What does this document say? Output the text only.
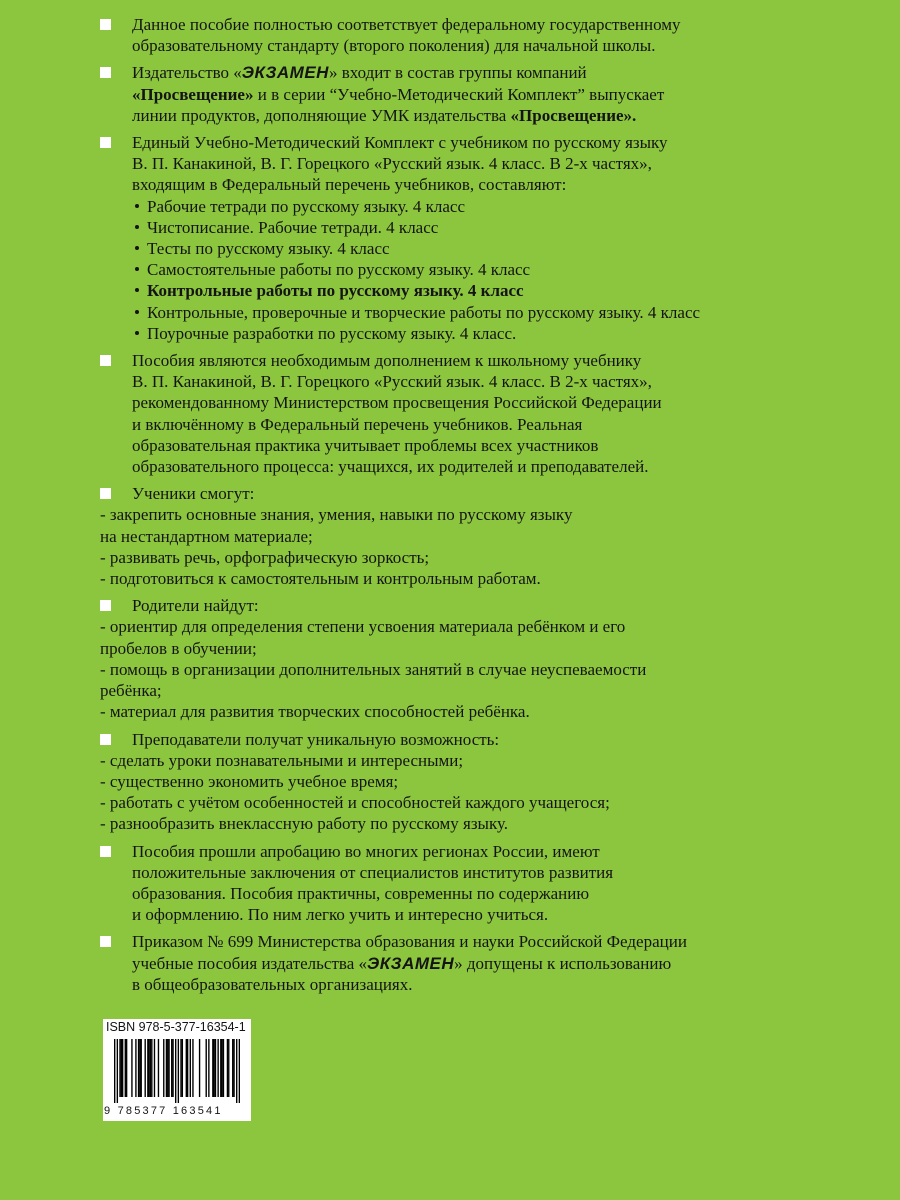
Данное пособие полностью соответствует федеральному государственному
образовательному стандарту (второго поколения) для начальной школы.
Издательство «ЭКЗАМЕН» входит в состав группы компаний
«Просвещение» и в серии “Учебно-Методический Комплект” выпускает
линии продуктов, дополняющие УМК издательства «Просвещение».
Единый Учебно-Методический Комплект с учебником по русскому языку
В. П. Канакиной, В. Г. Горецкого «Русский язык. 4 класс. В 2-х частях»,
входящим в Федеральный перечень учебников, составляют:
Рабочие тетради по русскому языку. 4 класс
Чистописание. Рабочие тетради. 4 класс
Тесты по русскому языку. 4 класс
Самостоятельные работы по русскому языку. 4 класс
Контрольные работы по русскому языку. 4 класс
Контрольные, проверочные и творческие работы по русскому языку. 4 класс
Поурочные разработки по русскому языку. 4 класс.
Пособия являются необходимым дополнением к школьному учебнику
В. П. Канакиной, В. Г. Горецкого «Русский язык. 4 класс. В 2-х частях»,
рекомендованному Министерством просвещения Российской Федерации
и включённому в Федеральный перечень учебников. Реальная
образовательная практика учитывает проблемы всех участников
образовательного процесса: учащихся, их родителей и преподавателей.
Ученики смогут:
- закрепить основные знания, умения, навыки по русскому языку
на нестандартном материале;
- развивать речь, орфографическую зоркость;
- подготовиться к самостоятельным и контрольным работам.
Родители найдут:
- ориентир для определения степени усвоения материала ребёнком и его
пробелов в обучении;
- помощь в организации дополнительных занятий в случае неуспеваемости
ребёнка;
- материал для развития творческих способностей ребёнка.
Преподаватели получат уникальную возможность:
- сделать уроки познавательными и интересными;
- существенно экономить учебное время;
- работать с учётом особенностей и способностей каждого учащегося;
- разнообразить внеклассную работу по русскому языку.
Пособия прошли апробацию во многих регионах России, имеют
положительные заключения от специалистов институтов развития
образования. Пособия практичны, современны по содержанию
и оформлению. По ним легко учить и интересно учиться.
Приказом № 699 Министерства образования и науки Российской Федерации
учебные пособия издательства «ЭКЗАМЕН» допущены к использованию
в общеобразовательных организациях.
ISBN 978-5-377-16354-1
9 785377 163541
